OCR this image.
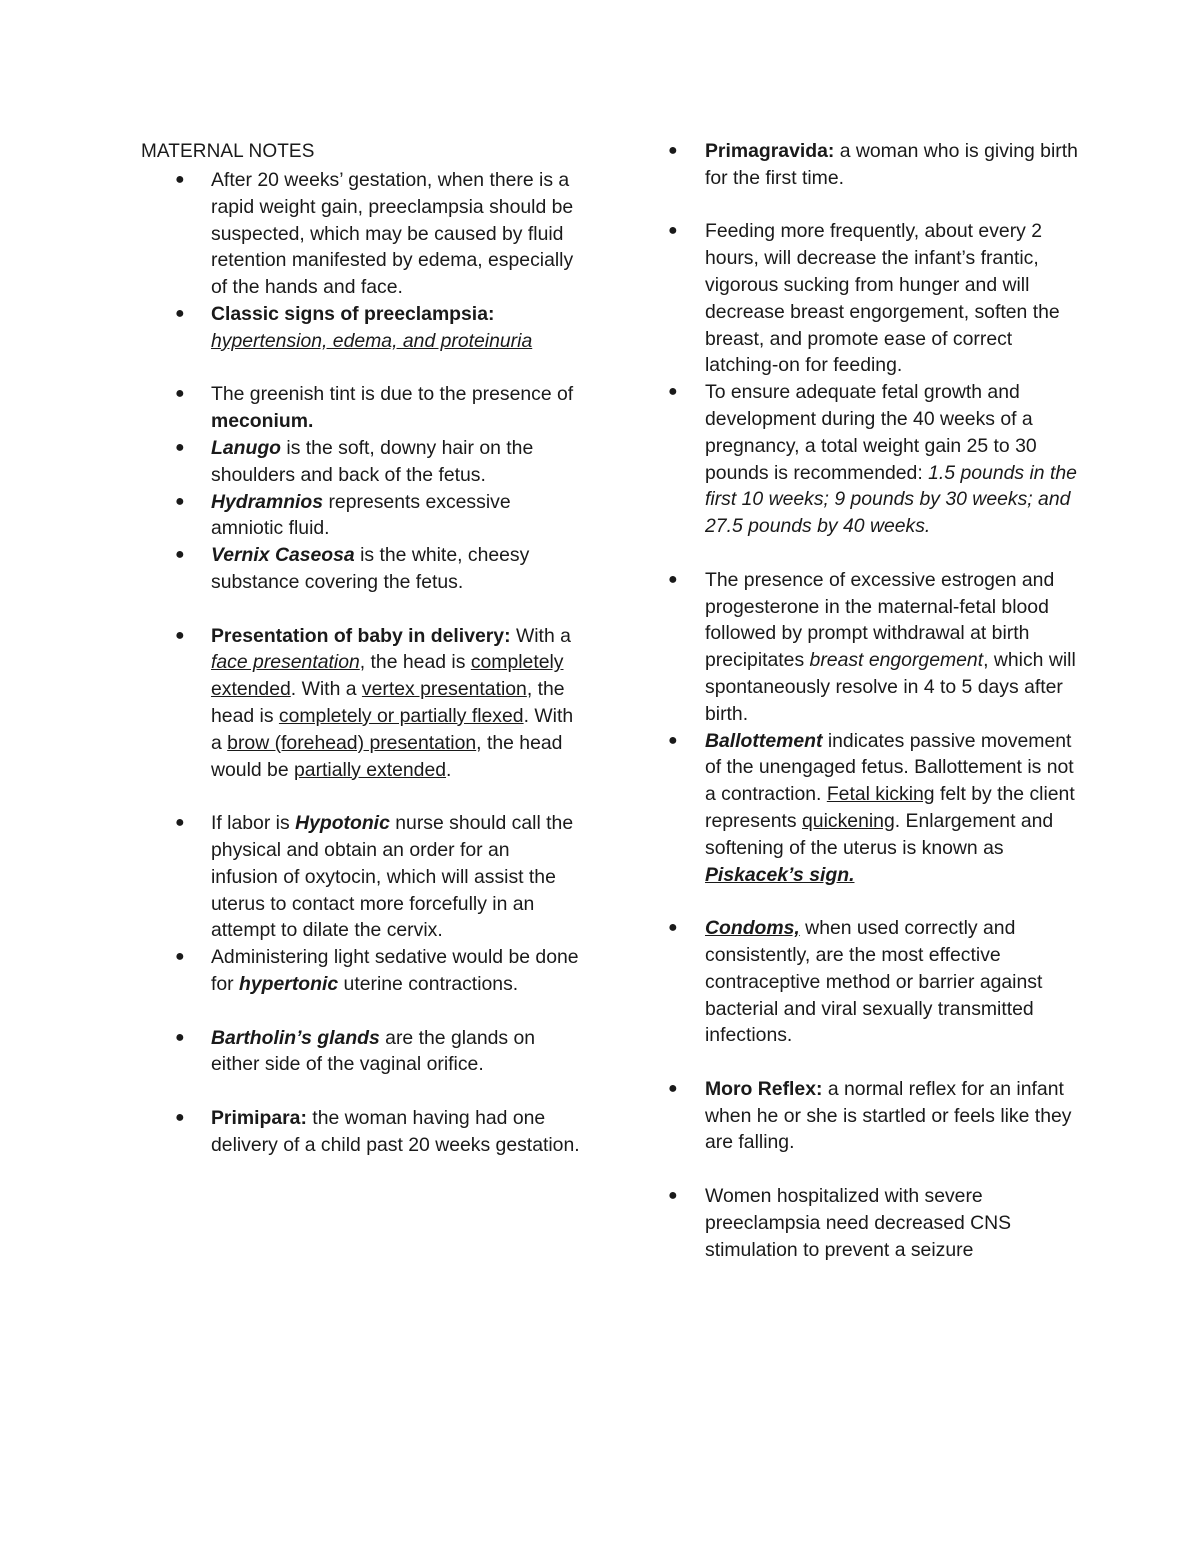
MATERNAL NOTES
● After 20 weeks’ gestation, when there is a rapid weight gain, preeclampsia should be suspected, which may be caused by fluid retention manifested by edema, especially of the hands and face.
● Classic signs of preeclampsia: hypertension, edema, and proteinuria
● The greenish tint is due to the presence of meconium.
● Lanugo is the soft, downy hair on the shoulders and back of the fetus.
● Hydramnios represents excessive amniotic fluid.
● Vernix Caseosa is the white, cheesy substance covering the fetus.
● Presentation of baby in delivery: With a face presentation, the head is completely extended. With a vertex presentation, the head is completely or partially flexed. With a brow (forehead) presentation, the head would be partially extended.
● If labor is Hypotonic nurse should call the physical and obtain an order for an infusion of oxytocin, which will assist the uterus to contact more forcefully in an attempt to dilate the cervix.
● Administering light sedative would be done for hypertonic uterine contractions.
● Bartholin’s glands are the glands on either side of the vaginal orifice.
● Primipara: the woman having had one delivery of a child past 20 weeks gestation.
● Primagravida: a woman who is giving birth for the first time.
● Feeding more frequently, about every 2 hours, will decrease the infant’s frantic, vigorous sucking from hunger and will decrease breast engorgement, soften the breast, and promote ease of correct latching-on for feeding.
● To ensure adequate fetal growth and development during the 40 weeks of a pregnancy, a total weight gain 25 to 30 pounds is recommended: 1.5 pounds in the first 10 weeks; 9 pounds by 30 weeks; and 27.5 pounds by 40 weeks.
● The presence of excessive estrogen and progesterone in the maternal-fetal blood followed by prompt withdrawal at birth precipitates breast engorgement, which will spontaneously resolve in 4 to 5 days after birth.
● Ballottement indicates passive movement of the unengaged fetus. Ballottement is not a contraction. Fetal kicking felt by the client represents quickening. Enlargement and softening of the uterus is known as Piskacek’s sign.
● Condoms, when used correctly and consistently, are the most effective contraceptive method or barrier against bacterial and viral sexually transmitted infections.
● Moro Reflex: a normal reflex for an infant when he or she is startled or feels like they are falling.
● Women hospitalized with severe preeclampsia need decreased CNS stimulation to prevent a seizure
